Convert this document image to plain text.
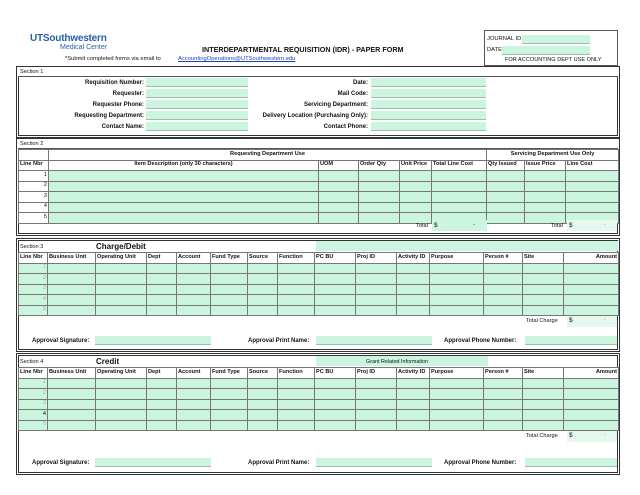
UTSouthwestern
Medical Center	INTERDEPARTMENTAL REQUISITION (IDR) - PAPER FORM
*Submit completed forms via email to	AccountingOperations@UTSouthwestern.edu
JOURNAL ID
DATE
FOR ACCOUNTING DEPT USE ONLY
Section 1
Requisition Number:
Requester:
Requester Phone:
Requesting Department:
Contact Name:
Date:
Mail Code:
Servicing Department:
Delivery Location (Purchasing Only):
Contact Phone:
Section 2
	Requesting Department Use					Servicing Department Use Only		
Line Nbr	Item Description (only 30 characters)	UOM	Order Qty	Unit Price	Total Line Cost	Qty Issued	Issue Price	Line Cost
1								
2								
3								
4								
5								
Total $	-	Total $	-
Section 3	Charge/Debit
Line Nbr	Business Unit	Operating Unit	Dept	Account	Fund Type	Source	Function	PC BU	Proj ID	Activity ID	Purpose	Person #	Site	Amount
1														
2														
3														
4														
5														
Total Charge $	-
Approval Signature:	Approval Print Name:	Approval Phone Number:
Section 4	Credit	Grant Related Information
Line Nbr	Business Unit	Operating Unit	Dept	Account	Fund Type	Source	Function	PC BU	Proj ID	Activity ID	Purpose	Person #	Site	Amount
1														
2														
3														
4														
5														
Total Charge $	-
Approval Signature:	Approval Print Name:	Approval Phone Number:
